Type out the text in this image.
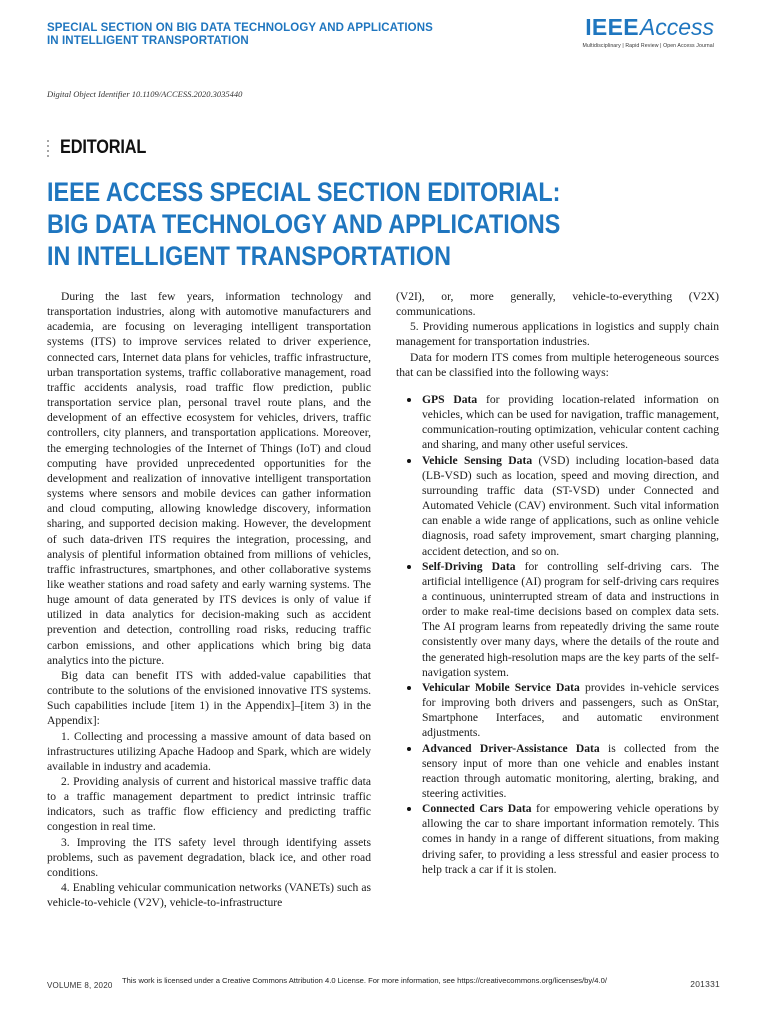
SPECIAL SECTION ON BIG DATA TECHNOLOGY AND APPLICATIONS
IN INTELLIGENT TRANSPORTATION
IEEEAccess
Multidisciplinary | Rapid Review | Open Access Journal
Digital Object Identifier 10.1109/ACCESS.2020.3035440
EDITORIAL
IEEE ACCESS SPECIAL SECTION EDITORIAL:
BIG DATA TECHNOLOGY AND APPLICATIONS
IN INTELLIGENT TRANSPORTATION

During the last few years, information technology and transportation industries, along with automotive manufacturers and academia, are focusing on leveraging intelligent transportation systems (ITS) to improve services related to driver experience, connected cars, Internet data plans for vehicles, traffic infrastructure, urban transportation systems, traffic collaborative management, road traffic accidents analysis, road traffic flow prediction, public transportation service plan, personal travel route plans, and the development of an effective ecosystem for vehicles, drivers, traffic controllers, city planners, and transportation applications. Moreover, the emerging technologies of the Internet of Things (IoT) and cloud computing have provided unprecedented opportunities for the development and realization of innovative intelligent transportation systems where sensors and mobile devices can gather information and cloud computing, allowing knowledge discovery, information sharing, and supported decision making. However, the development of such data-driven ITS requires the integration, processing, and analysis of plentiful information obtained from millions of vehicles, traffic infrastructures, smartphones, and other collaborative systems like weather stations and road safety and early warning systems. The huge amount of data generated by ITS devices is only of value if utilized in data analytics for decision-making such as accident prevention and detection, controlling road risks, reducing traffic carbon emissions, and other applications which bring big data analytics into the picture.

Big data can benefit ITS with added-value capabilities that contribute to the solutions of the envisioned innovative ITS systems. Such capabilities include [item 1) in the Appendix]–[item 3) in the Appendix]:

1. Collecting and processing a massive amount of data based on infrastructures utilizing Apache Hadoop and Spark, which are widely available in industry and academia.

2. Providing analysis of current and historical massive traffic data to a traffic management department to predict intrinsic traffic indicators, such as traffic flow efficiency and predicting traffic congestion in real time.

3. Improving the ITS safety level through identifying assets problems, such as pavement degradation, black ice, and other road conditions.

4. Enabling vehicular communication networks (VANETs) such as vehicle-to-vehicle (V2V), vehicle-to-infrastructure

(V2I), or, more generally, vehicle-to-everything (V2X) communications.

5. Providing numerous applications in logistics and supply chain management for transportation industries.

Data for modern ITS comes from multiple heterogeneous sources that can be classified into the following ways:

GPS Data for providing location-related information on vehicles, which can be used for navigation, traffic management, communication-routing optimization, vehicular content caching and sharing, and many other useful services.
Vehicle Sensing Data (VSD) including location-based data (LB-VSD) such as location, speed and moving direction, and surrounding traffic data (ST-VSD) under Connected and Automated Vehicle (CAV) environment. Such vital information can enable a wide range of applications, such as online vehicle diagnosis, road safety improvement, smart charging planning, accident detection, and so on.
Self-Driving Data for controlling self-driving cars. The artificial intelligence (AI) program for self-driving cars requires a continuous, uninterrupted stream of data and instructions in order to make real-time decisions based on complex data sets. The AI program learns from repeatedly driving the same route consistently over many days, where the details of the route and the generated high-resolution maps are the key parts of the self-navigation system.
Vehicular Mobile Service Data provides in-vehicle services for improving both drivers and passengers, such as OnStar, Smartphone Interfaces, and automatic environment adjustments.
Advanced Driver-Assistance Data is collected from the sensory input of more than one vehicle and enables instant reaction through automatic monitoring, alerting, braking, and steering activities.
Connected Cars Data for empowering vehicle operations by allowing the car to share important information remotely. This comes in handy in a range of different situations, from making driving safer, to providing a less stressful and easier process to help track a car if it is stolen.
VOLUME 8, 2020
This work is licensed under a Creative Commons Attribution 4.0 License. For more information, see https://creativecommons.org/licenses/by/4.0/	201331
